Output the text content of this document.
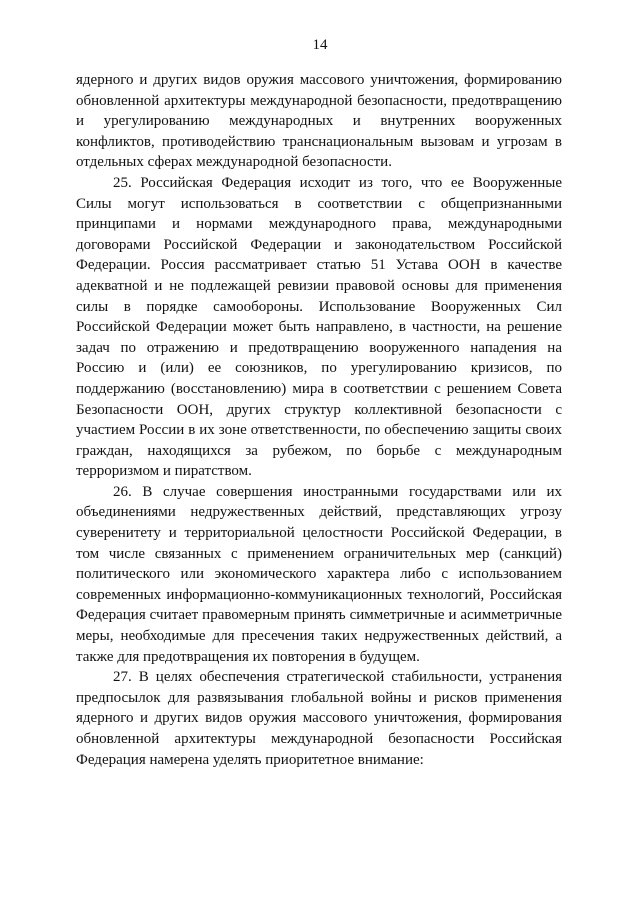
14

ядерного и других видов оружия массового уничтожения, формированию обновленной архитектуры международной безопасности, предотвращению и урегулированию международных и внутренних вооруженных конфликтов, противодействию транснациональным вызовам и угрозам в отдельных сферах международной безопасности.

25. Российская Федерация исходит из того, что ее Вооруженные Силы могут использоваться в соответствии с общепризнанными принципами и нормами международного права, международными договорами Российской Федерации и законодательством Российской Федерации. Россия рассматривает статью 51 Устава ООН в качестве адекватной и не подлежащей ревизии правовой основы для применения силы в порядке самообороны. Использование Вооруженных Сил Российской Федерации может быть направлено, в частности, на решение задач по отражению и предотвращению вооруженного нападения на Россию и (или) ее союзников, по урегулированию кризисов, по поддержанию (восстановлению) мира в соответствии с решением Совета Безопасности ООН, других структур коллективной безопасности с участием России в их зоне ответственности, по обеспечению защиты своих граждан, находящихся за рубежом, по борьбе с международным терроризмом и пиратством.

26. В случае совершения иностранными государствами или их объединениями недружественных действий, представляющих угрозу суверенитету и территориальной целостности Российской Федерации, в том числе связанных с применением ограничительных мер (санкций) политического или экономического характера либо с использованием современных информационно-коммуникационных технологий, Российская Федерация считает правомерным принять симметричные и асимметричные меры, необходимые для пресечения таких недружественных действий, а также для предотвращения их повторения в будущем.

27. В целях обеспечения стратегической стабильности, устранения предпосылок для развязывания глобальной войны и рисков применения ядерного и других видов оружия массового уничтожения, формирования обновленной архитектуры международной безопасности Российская Федерация намерена уделять приоритетное внимание:
